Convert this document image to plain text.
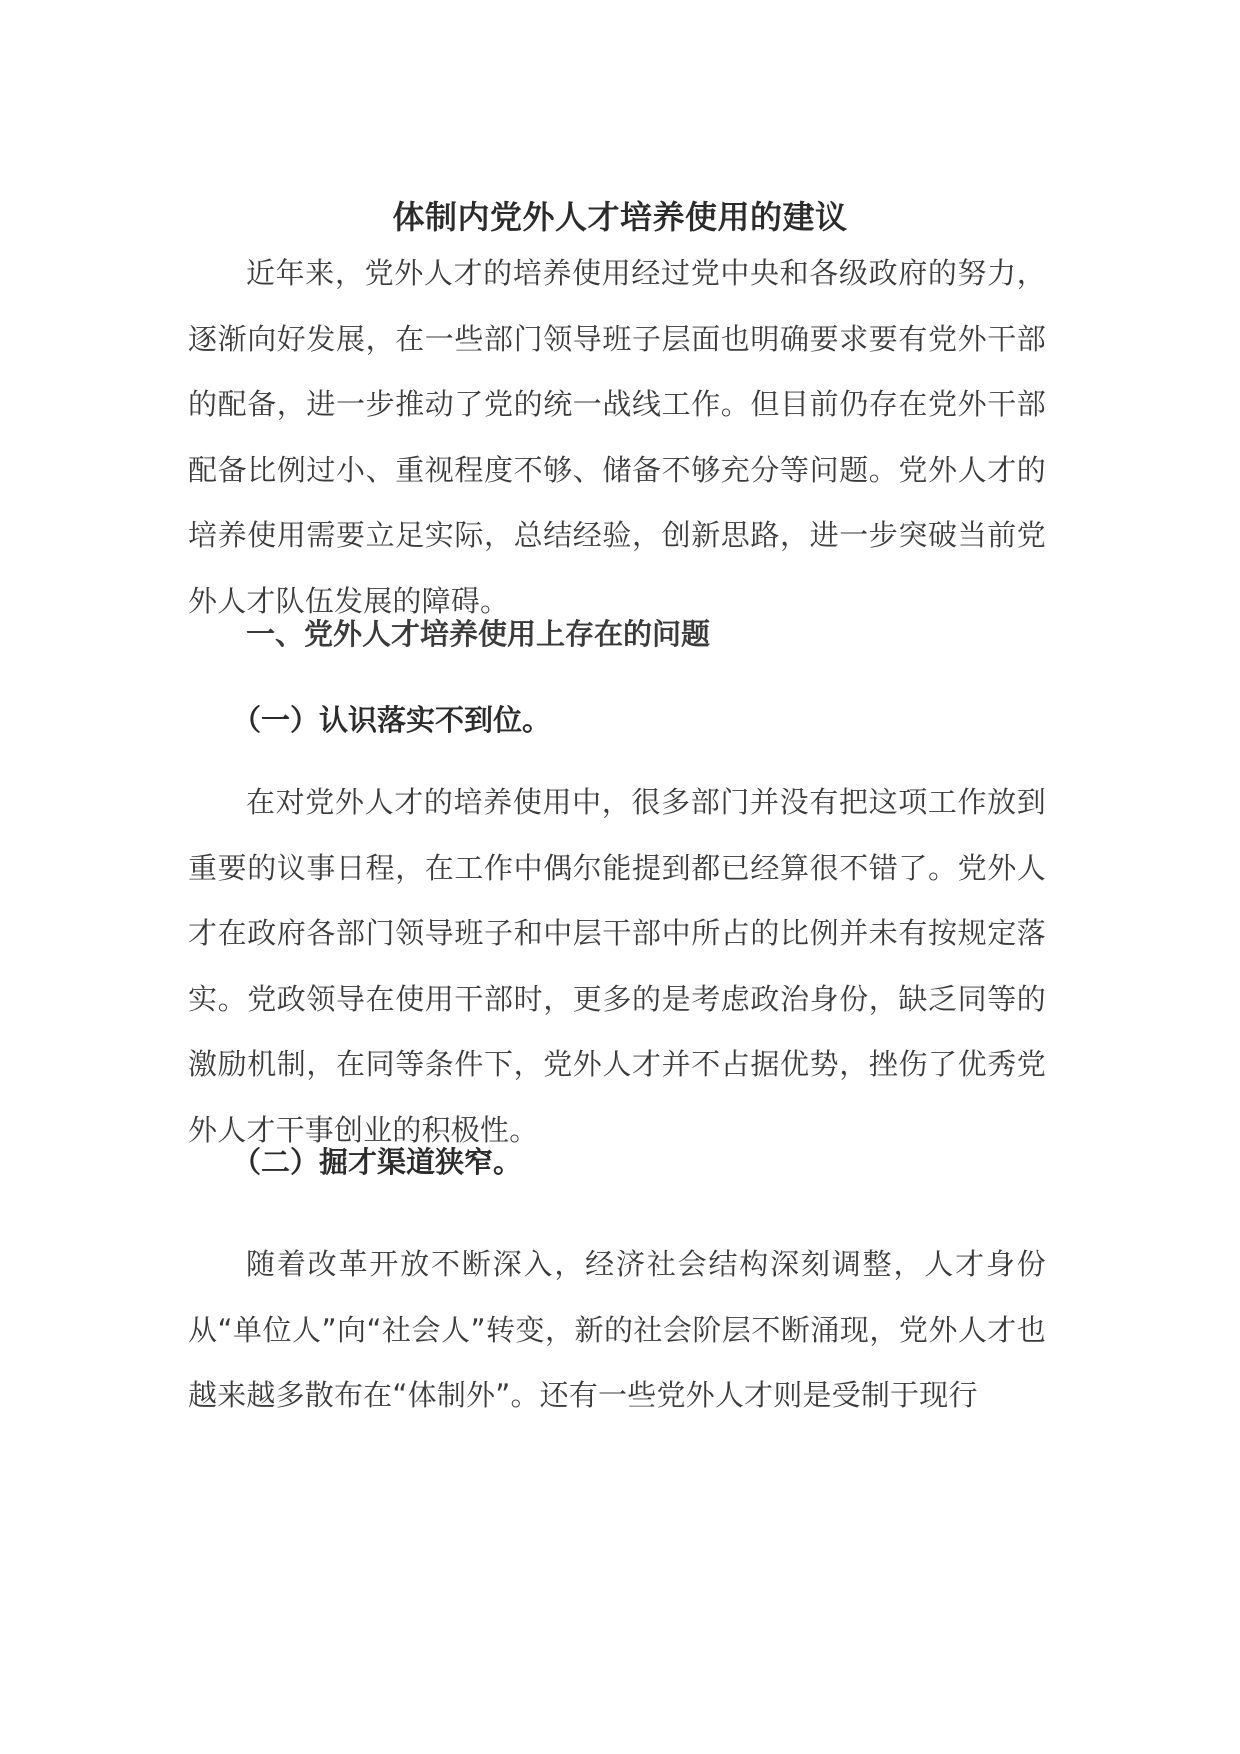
体制内党外人才培养使用的建议

近年来，党外人才的培养使用经过党中央和各级政府的努力，逐渐向好发展，在一些部门领导班子层面也明确要求要有党外干部的配备，进一步推动了党的统一战线工作。但目前仍存在党外干部配备比例过小、重视程度不够、储备不够充分等问题。党外人才的培养使用需要立足实际，总结经验，创新思路，进一步突破当前党外人才队伍发展的障碍。

一、党外人才培养使用上存在的问题
（一）认识落实不到位。

在对党外人才的培养使用中，很多部门并没有把这项工作放到重要的议事日程，在工作中偶尔能提到都已经算很不错了。党外人才在政府各部门领导班子和中层干部中所占的比例并未有按规定落实。党政领导在使用干部时，更多的是考虑政治身份，缺乏同等的激励机制，在同等条件下，党外人才并不占据优势，挫伤了优秀党外人才干事创业的积极性。

（二）掘才渠道狭窄。

随着改革开放不断深入，经济社会结构深刻调整，人才身份从“单位人”向“社会人”转变，新的社会阶层不断涌现，党外人才也越来越多散布在“体制外”。还有一些党外人才则是受制于现行
